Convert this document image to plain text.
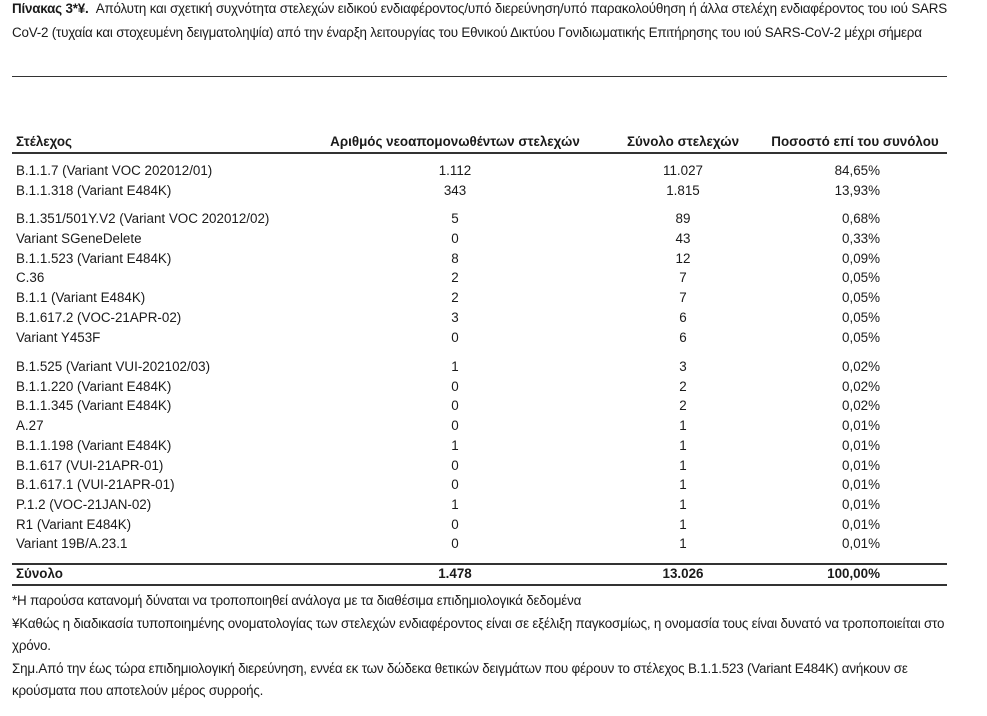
Πίνακας 3*¥. Απόλυτη και σχετική συχνότητα στελεχών ειδικού ενδιαφέροντος/υπό διερεύνηση/υπό παρακολούθηση ή άλλα στελέχη ενδιαφέροντος του ιού SARS CoV-2 (τυχαία και στοχευμένη δειγματοληψία) από την έναρξη λειτουργίας του Εθνικού Δικτύου Γονιδιωματικής Επιτήρησης του ιού SARS-CoV-2 μέχρι σήμερα
Στέλεχος	Αριθμός νεοαπομονωθέντων στελεχών	Σύνολο στελεχών	Ποσοστό επί του συνόλου
B.1.1.7 (Variant VOC 202012/01)	1.112	11.027	84,65%
B.1.1.318 (Variant E484K)	343	1.815	13,93%
B.1.351/501Y.V2 (Variant VOC 202012/02)	5	89	0,68%
Variant SGeneDelete	0	43	0,33%
B.1.1.523 (Variant E484K)	8	12	0,09%
C.36	2	7	0,05%
B.1.1 (Variant E484K)	2	7	0,05%
B.1.617.2 (VOC-21APR-02)	3	6	0,05%
Variant Y453F	0	6	0,05%
B.1.525 (Variant VUI-202102/03)	1	3	0,02%
B.1.1.220 (Variant E484K)	0	2	0,02%
B.1.1.345 (Variant E484K)	0	2	0,02%
A.27	0	1	0,01%
B.1.1.198 (Variant E484K)	1	1	0,01%
B.1.617 (VUI-21APR-01)	0	1	0,01%
B.1.617.1 (VUI-21APR-01)	0	1	0,01%
P.1.2 (VOC-21JAN-02)	1	1	0,01%
R1 (Variant E484K)	0	1	0,01%
Variant 19B/A.23.1	0	1	0,01%
Σύνολο	1.478	13.026	100,00%
*Η παρούσα κατανομή δύναται να τροποποιηθεί ανάλογα με τα διαθέσιμα επιδημιολογικά δεδομένα
¥Καθώς η διαδικασία τυποποιημένης ονοματολογίας των στελεχών ενδιαφέροντος είναι σε εξέλιξη παγκοσμίως, η ονομασία τους είναι δυνατό να τροποποιείται στο χρόνο.
Σημ.Από την έως τώρα επιδημιολογική διερεύνηση, εννέα εκ των δώδεκα θετικών δειγμάτων που φέρουν το στέλεχος B.1.1.523 (Variant E484K) ανήκουν σε κρούσματα που αποτελούν μέρος συρροής.
